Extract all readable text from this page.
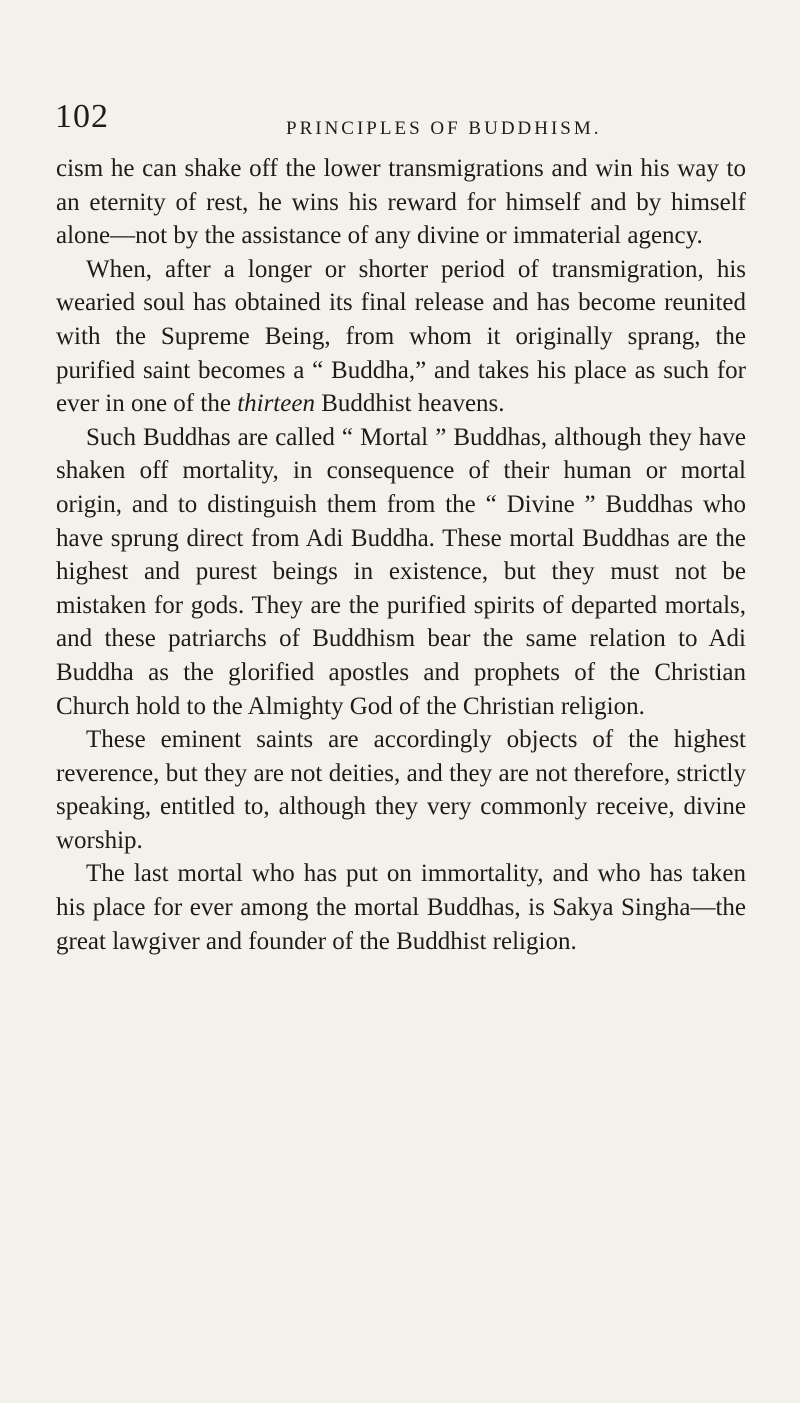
102	PRINCIPLES OF BUDDHISM.

cism he can shake off the lower transmigrations and win his way to an eternity of rest, he wins his reward for himself and by himself alone—not by the assistance of any divine or immaterial agency.

When, after a longer or shorter period of transmigration, his wearied soul has obtained its final release and has become reunited with the Supreme Being, from whom it originally sprang, the purified saint becomes a “ Buddha,” and takes his place as such for ever in one of the thirteen Buddhist heavens.

Such Buddhas are called “ Mortal ” Buddhas, although they have shaken off mortality, in consequence of their human or mortal origin, and to distinguish them from the “ Divine ” Buddhas who have sprung direct from Adi Buddha. These mortal Buddhas are the highest and purest beings in existence, but they must not be mistaken for gods. They are the purified spirits of departed mortals, and these patriarchs of Buddhism bear the same relation to Adi Buddha as the glorified apostles and prophets of the Christian Church hold to the Almighty God of the Christian religion.

These eminent saints are accordingly objects of the highest reverence, but they are not deities, and they are not therefore, strictly speaking, entitled to, although they very commonly receive, divine worship.

The last mortal who has put on immortality, and who has taken his place for ever among the mortal Buddhas, is Sakya Singha—the great lawgiver and founder of the Buddhist religion.
